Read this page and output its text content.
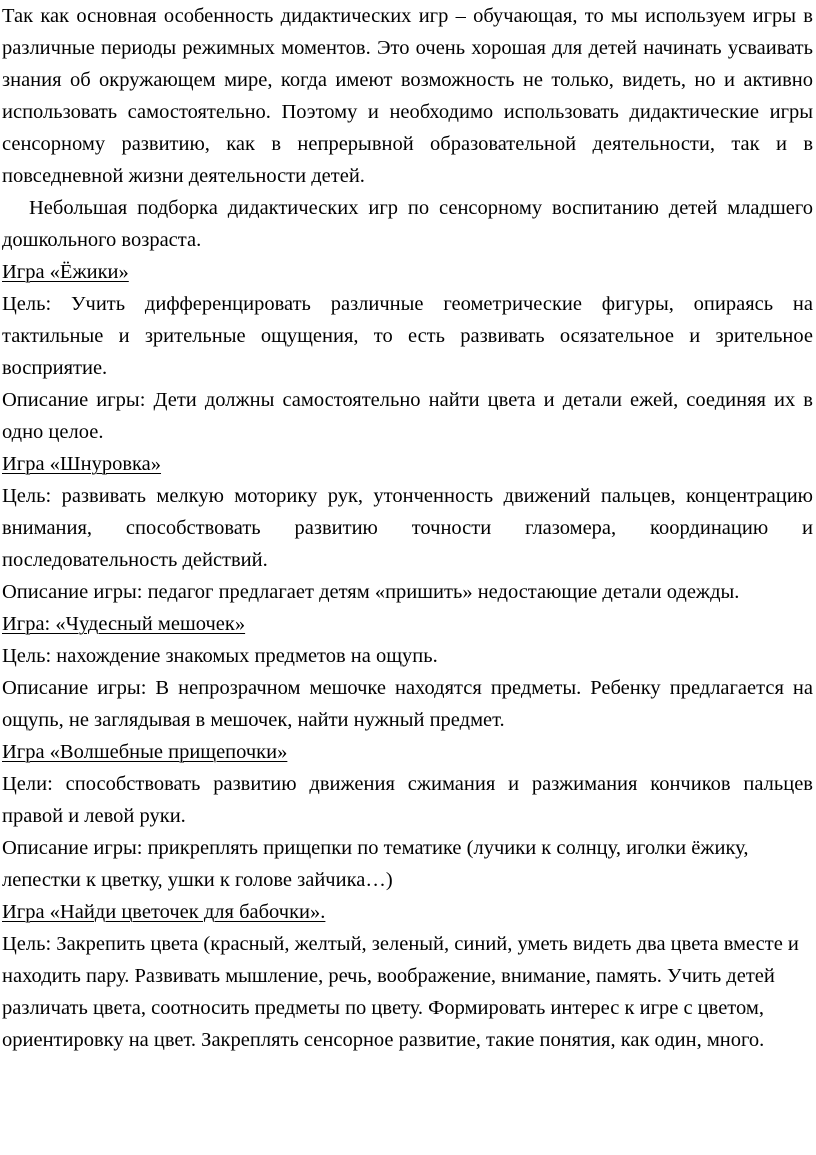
Так как основная особенность дидактических игр – обучающая, то мы используем игры в различные периоды режимных моментов. Это очень хорошая для детей начинать усваивать знания об окружающем мире, когда имеют возможность не только, видеть, но и активно использовать самостоятельно. Поэтому и необходимо использовать дидактические игры сенсорному развитию, как в непрерывной образовательной деятельности, так и в повседневной жизни деятельности детей.

Небольшая подборка дидактических игр по сенсорному воспитанию детей младшего дошкольного возраста.

Игра «Ёжики»

Цель: Учить дифференцировать различные геометрические фигуры, опираясь на тактильные и зрительные ощущения, то есть развивать осязательное и зрительное восприятие.

Описание игры: Дети должны самостоятельно найти цвета и детали ежей, соединяя их в одно целое.

Игра «Шнуровка»

Цель: развивать мелкую моторику рук, утонченность движений пальцев, концентрацию внимания, способствовать развитию точности глазомера, координацию и последовательность действий.

Описание игры: педагог предлагает детям «пришить» недостающие детали одежды.

Игра: «Чудесный мешочек»

Цель: нахождение знакомых предметов на ощупь.

Описание игры: В непрозрачном мешочке находятся предметы. Ребенку предлагается на ощупь, не заглядывая в мешочек, найти нужный предмет.

Игра «Волшебные прищепочки»

Цели: способствовать развитию движения сжимания и разжимания кончиков пальцев правой и левой руки.

Описание игры: прикреплять прищепки по тематике (лучики к солнцу, иголки ёжику, лепестки к цветку, ушки к голове зайчика…)

Игра «Найди цветочек для бабочки».

Цель: Закрепить цвета (красный, желтый, зеленый, синий, уметь видеть два цвета вместе и находить пару. Развивать мышление, речь, воображение, внимание, память. Учить детей различать цвета, соотносить предметы по цвету. Формировать интерес к игре с цветом, ориентировку на цвет. Закреплять сенсорное развитие, такие понятия, как один, много.
